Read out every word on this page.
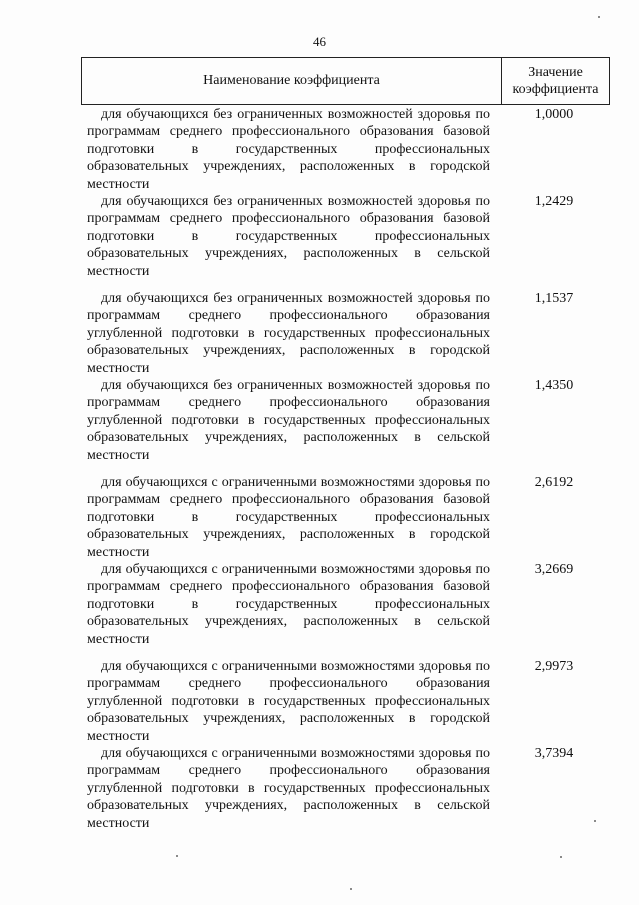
46
Наименование коэффициента
Значение
коэффициента
для обучающихся без ограниченных возможностей здоровья по программам среднего профессионального образования базовой подготовки в государственных профессиональных образовательных учреждениях, расположенных в городской местности
1,0000
для обучающихся без ограниченных возможностей здоровья по программам среднего профессионального образования базовой подготовки в государственных профессиональных образовательных учреждениях, расположенных в сельской местности
1,2429
для обучающихся без ограниченных возможностей здоровья по программам среднего профессионального образования углубленной подготовки в государственных профессиональных образовательных учреждениях, расположенных в городской местности
1,1537
для обучающихся без ограниченных возможностей здоровья по программам среднего профессионального образования углубленной подготовки в государственных профессиональных образовательных учреждениях, расположенных в сельской местности
1,4350
для обучающихся с ограниченными возможностями здоровья по программам среднего профессионального образования базовой подготовки в государственных профессиональных образовательных учреждениях, расположенных в городской местности
2,6192
для обучающихся с ограниченными возможностями здоровья по программам среднего профессионального образования базовой подготовки в государственных профессиональных образовательных учреждениях, расположенных в сельской местности
3,2669
для обучающихся с ограниченными возможностями здоровья по программам среднего профессионального образования углубленной подготовки в государственных профессиональных образовательных учреждениях, расположенных в городской местности
2,9973
для обучающихся с ограниченными возможностями здоровья по программам среднего профессионального образования углубленной подготовки в государственных профессиональных образовательных учреждениях, расположенных в сельской местности
3,7394
